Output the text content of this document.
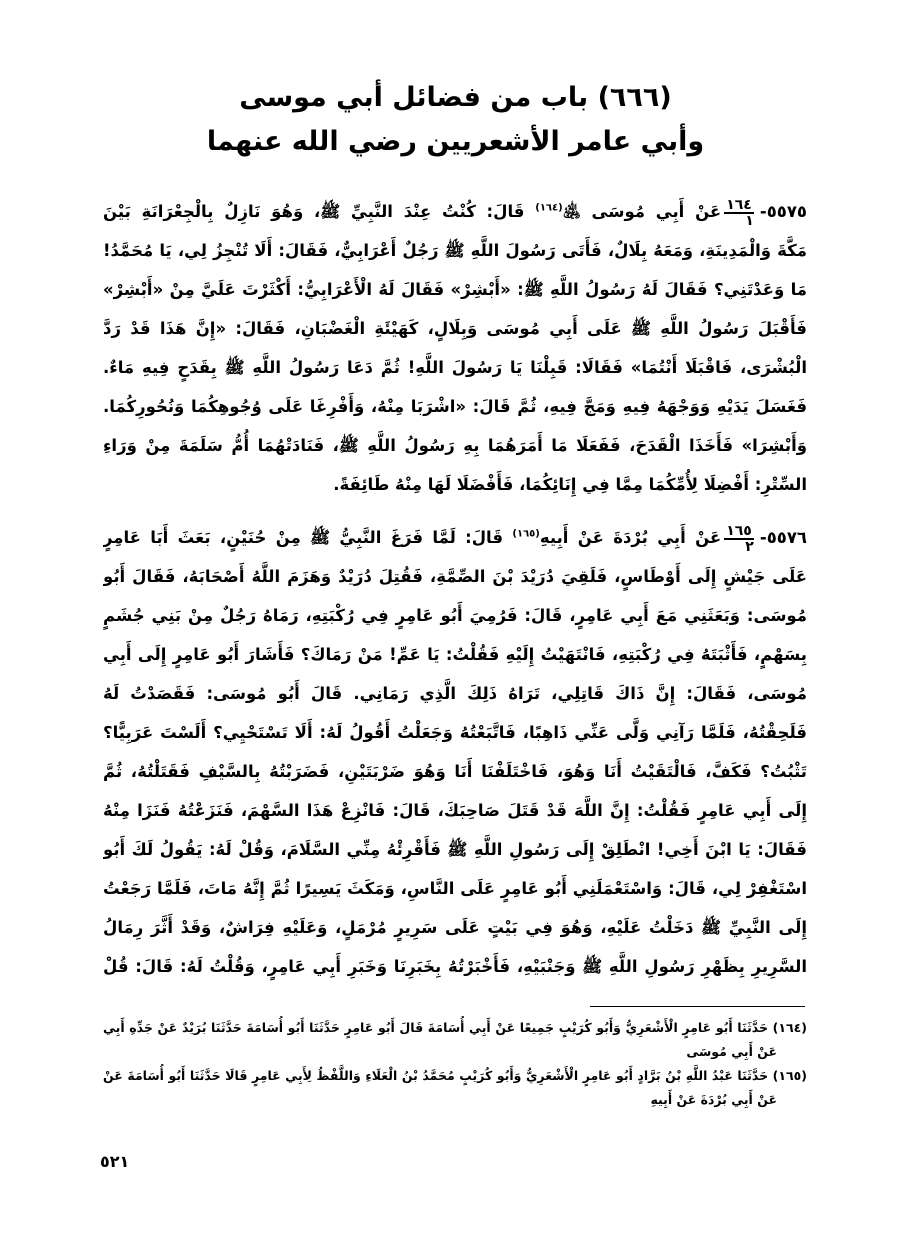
(٦٦٦) باب من فضائل أبي موسى
وأبي عامر الأشعريين رضي الله عنهما
٥٥٧٥-
$\frac{١٦٤}{١}$
عَنْ أَبِي مُوسَى ﵁$^{(١٦٤)}$ قَالَ: كُنْتُ عِنْدَ النَّبِيِّ ﷺ، وَهُوَ نَازِلٌ بِالْجِعْرَانَةِ بَيْنَ
مَكَّةَ وَالْمَدِينَةِ، وَمَعَهُ بِلَالٌ، فَأَتَى رَسُولَ اللَّهِ ﷺ رَجُلٌ أَعْرَابِيٌّ، فَقَالَ: أَلَا تُنْجِزُ لِي، يَا مُحَمَّدُ!
مَا وَعَدْتَنِي؟ فَقَالَ لَهُ رَسُولُ اللَّهِ ﷺ: «أَبْشِرْ» فَقَالَ لَهُ الْأَعْرَابِيُّ: أَكْثَرْتَ عَلَيَّ مِنْ «أَبْشِرْ»
فَأَقْبَلَ رَسُولُ اللَّهِ ﷺ عَلَى أَبِي مُوسَى وَبِلَالٍ، كَهَيْئَةِ الْغَضْبَانِ، فَقَالَ: «إِنَّ هَذَا قَدْ رَدَّ
الْبُشْرَى، فَاقْبَلَا أَنْتُمَا» فَقَالَا: قَبِلْنَا يَا رَسُولَ اللَّهِ! ثُمَّ دَعَا رَسُولُ اللَّهِ ﷺ بِقَدَحٍ فِيهِ مَاءٌ.
فَغَسَلَ يَدَيْهِ وَوَجْهَهُ فِيهِ وَمَجَّ فِيهِ، ثُمَّ قَالَ: «اشْرَبَا مِنْهُ، وَأَفْرِغَا عَلَى وُجُوهِكُمَا وَنُحُورِكُمَا.
وَأَبْشِرَا» فَأَخَذَا الْقَدَحَ، فَفَعَلَا مَا أَمَرَهُمَا بِهِ رَسُولُ اللَّهِ ﷺ، فَنَادَتْهُمَا أُمُّ سَلَمَةَ مِنْ وَرَاءِ
السِّتْرِ: أَفْضِلَا لِأُمِّكُمَا مِمَّا فِي إِنَائِكُمَا، فَأَفْضَلَا لَهَا مِنْهُ طَائِفَةً.
٥٥٧٦-
$\frac{١٦٥}{٢}$
عَنْ أَبِي بُرْدَةَ عَنْ أَبِيهِ$^{(١٦٥)}$ قَالَ: لَمَّا فَرَغَ النَّبِيُّ ﷺ مِنْ حُنَيْنٍ، بَعَثَ أَبَا عَامِرٍ
عَلَى جَيْشٍ إِلَى أَوْطَاسٍ، فَلَقِيَ دُرَيْدَ بْنَ الصِّمَّةِ، فَقُتِلَ دُرَيْدٌ وَهَزَمَ اللَّهُ أَصْحَابَهُ، فَقَالَ أَبُو
مُوسَى: وَبَعَثَنِي مَعَ أَبِي عَامِرٍ، قَالَ: فَرُمِيَ أَبُو عَامِرٍ فِي رُكْبَتِهِ، رَمَاهُ رَجُلٌ مِنْ بَنِي جُشَمٍ
بِسَهْمٍ، فَأَثْبَتَهُ فِي رُكْبَتِهِ، فَانْتَهَيْتُ إِلَيْهِ فَقُلْتُ: يَا عَمِّ! مَنْ رَمَاكَ؟ فَأَشَارَ أَبُو عَامِرٍ إِلَى أَبِي
مُوسَى، فَقَالَ: إِنَّ ذَاكَ قَاتِلِي، تَرَاهُ ذَلِكَ الَّذِي رَمَانِي. قَالَ أَبُو مُوسَى: فَقَصَدْتُ لَهُ
فَلَحِقْتُهُ، فَلَمَّا رَآنِي وَلَّى عَنِّي ذَاهِبًا، فَاتَّبَعْتُهُ وَجَعَلْتُ أَقُولُ لَهُ: أَلَا تَسْتَحْيِي؟ أَلَسْتَ عَرَبِيًّا؟
تَثْبُتُ؟ فَكَفَّ، فَالْتَقَيْتُ أَنَا وَهُوَ، فَاخْتَلَفْنَا أَنَا وَهُوَ ضَرْبَتَيْنِ، فَضَرَبْتُهُ بِالسَّيْفِ فَقَتَلْتُهُ، ثُمَّ
إِلَى أَبِي عَامِرٍ فَقُلْتُ: إِنَّ اللَّهَ قَدْ قَتَلَ صَاحِبَكَ، قَالَ: فَانْزِعْ هَذَا السَّهْمَ، فَنَزَعْتُهُ فَنَزَا مِنْهُ
فَقَالَ: يَا ابْنَ أَخِي! انْطَلِقْ إِلَى رَسُولِ اللَّهِ ﷺ فَأَقْرِئْهُ مِنِّي السَّلَامَ، وَقُلْ لَهُ: يَقُولُ لَكَ أَبُو
اسْتَغْفِرْ لِي، قَالَ: وَاسْتَعْمَلَنِي أَبُو عَامِرٍ عَلَى النَّاسِ، وَمَكَثَ يَسِيرًا ثُمَّ إِنَّهُ مَاتَ، فَلَمَّا رَجَعْتُ
إِلَى النَّبِيِّ ﷺ دَخَلْتُ عَلَيْهِ، وَهُوَ فِي بَيْتٍ عَلَى سَرِيرٍ مُرْمَلٍ، وَعَلَيْهِ فِرَاشٌ، وَقَدْ أَثَّرَ رِمَالُ
السَّرِيرِ بِظَهْرِ رَسُولِ اللَّهِ ﷺ وَجَنْبَيْهِ، فَأَخْبَرْتُهُ بِخَبَرِنَا وَخَبَرِ أَبِي عَامِرٍ، وَقُلْتُ لَهُ: قَالَ: قُلْ
(١٦٤) حَدَّثَنَا أَبُو عَامِرٍ الْأَشْعَرِيُّ وَأَبُو كُرَيْبٍ جَمِيعًا عَنْ أَبِي أُسَامَةَ قَالَ أَبُو عَامِرٍ حَدَّثَنَا أَبُو أُسَامَةَ حَدَّثَنَا بُرَيْدٌ عَنْ جَدِّهِ أَبِي
عَنْ أَبِي مُوسَى
(١٦٥) حَدَّثَنَا عَبْدُ اللَّهِ بْنُ بَرَّادٍ أَبُو عَامِرٍ الْأَشْعَرِيُّ وَأَبُو كُرَيْبٍ مُحَمَّدُ بْنُ الْعَلَاءِ وَاللَّفْظُ لِأَبِي عَامِرٍ قَالَا حَدَّثَنَا أَبُو أُسَامَةَ عَنْ
عَنْ أَبِي بُرْدَةَ عَنْ أَبِيهِ
٥٢١
